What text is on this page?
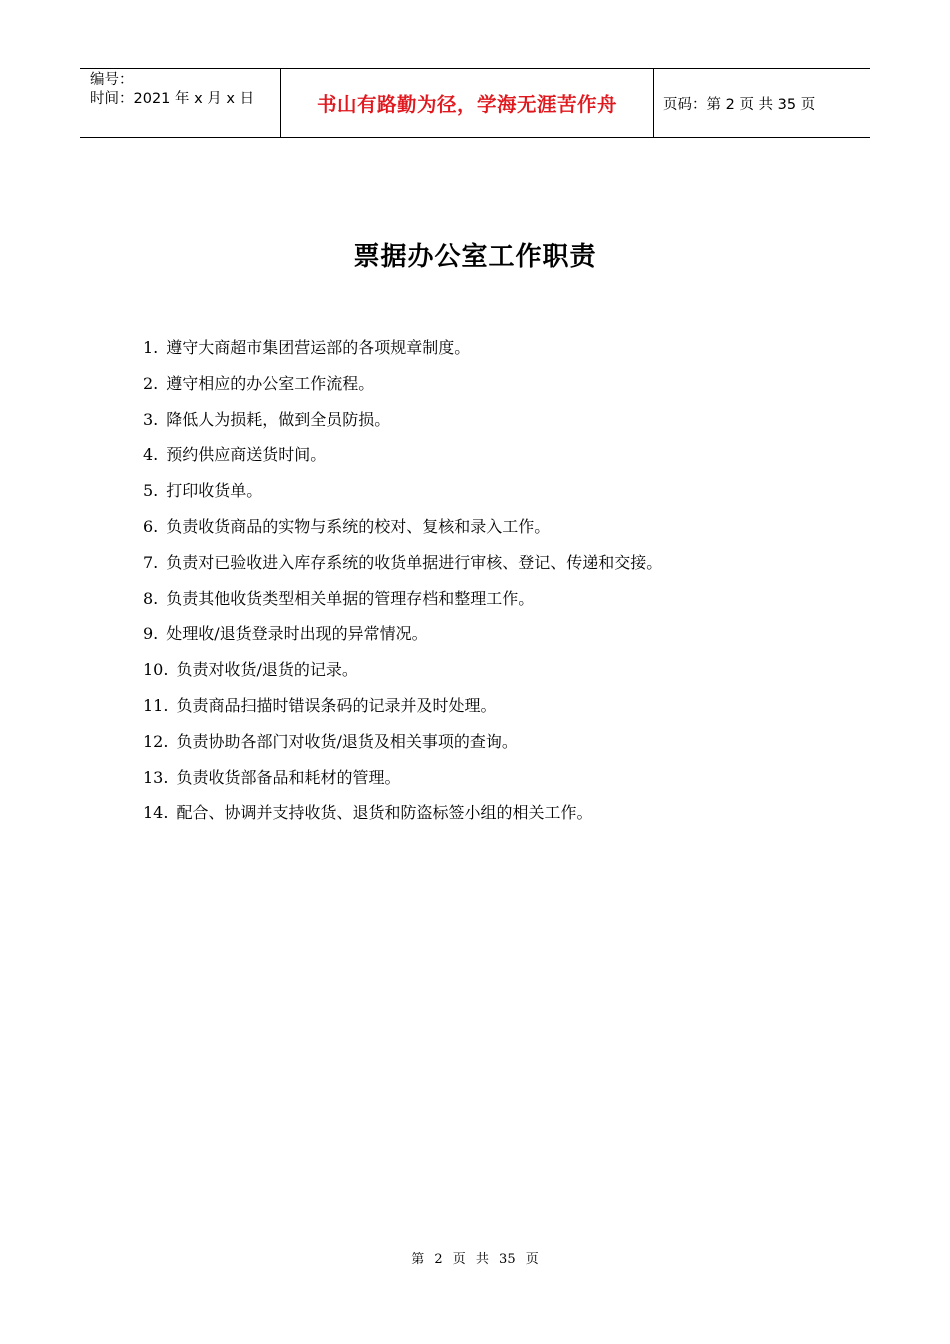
编号：
时间：2021 年 x 月 x 日	书山有路勤为径，学海无涯苦作舟	页码：第 2 页 共 35 页
票据办公室工作职责
1. 遵守大商超市集团营运部的各项规章制度。
2. 遵守相应的办公室工作流程。
3. 降低人为损耗，做到全员防损。
4. 预约供应商送货时间。
5. 打印收货单。
6. 负责收货商品的实物与系统的校对、复核和录入工作。
7. 负责对已验收进入库存系统的收货单据进行审核、登记、传递和交接。
8. 负责其他收货类型相关单据的管理存档和整理工作。
9. 处理收/退货登录时出现的异常情况。
10. 负责对收货/退货的记录。
11. 负责商品扫描时错误条码的记录并及时处理。
12. 负责协助各部门对收货/退货及相关事项的查询。
13. 负责收货部备品和耗材的管理。
14. 配合、协调并支持收货、退货和防盗标签小组的相关工作。
第 2 页 共 35 页
